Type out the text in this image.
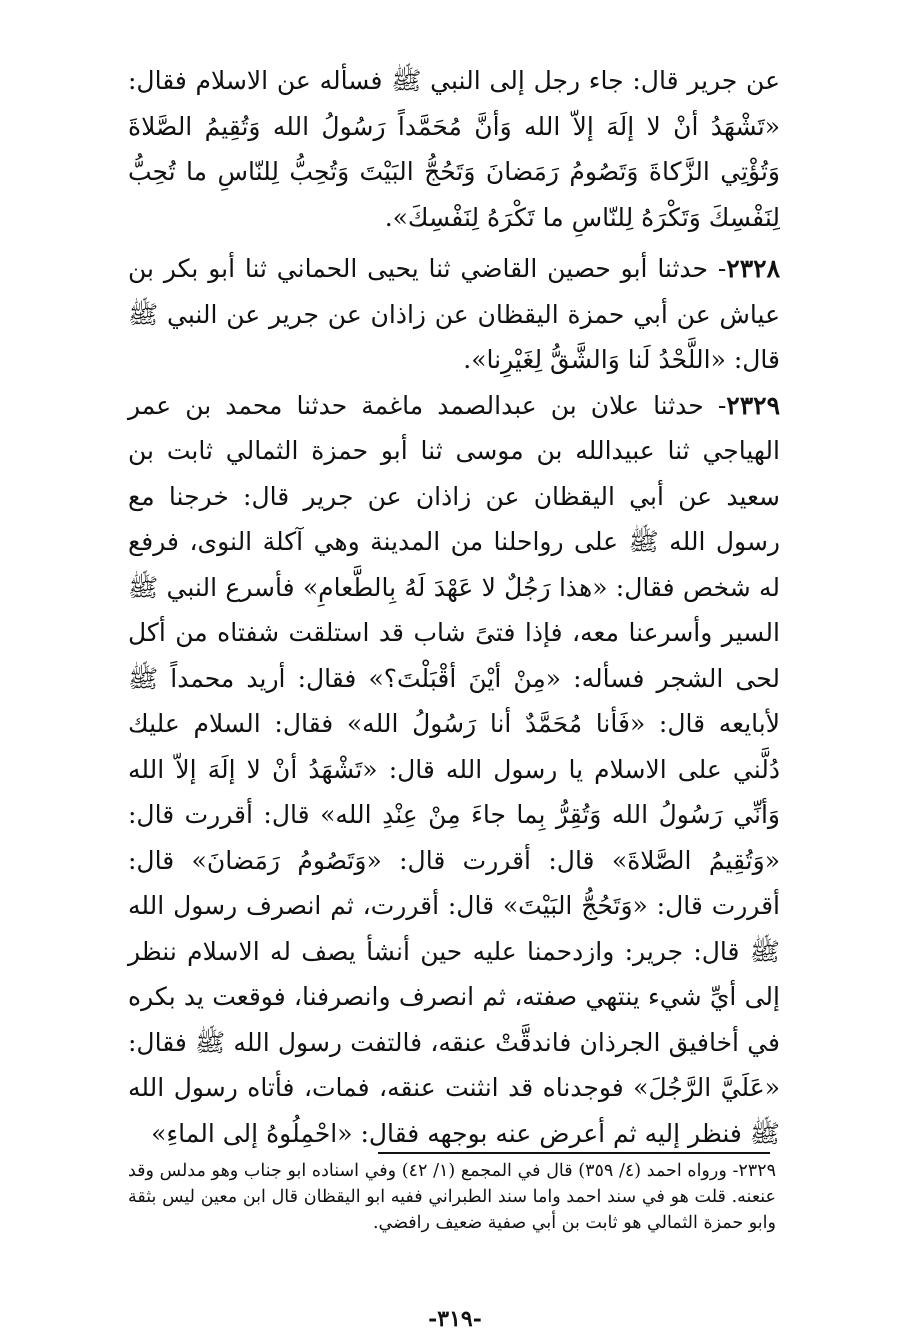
عن جرير قال: جاء رجل إلى النبي ﷺ فسأله عن الاسلام فقال: «تَشْهَدُ أنْ لا إلَهَ إلاّ الله وَأنَّ مُحَمَّداً رَسُولُ الله وَتُقِيمُ الصَّلاةَ وَتُؤْتِي الزَّكاةَ وَتَصُومُ رَمَضانَ وَتَحُجُّ البَيْتَ وَتُحِبُّ لِلنّاسِ ما تُحِبُّ لِنَفْسِكَ وَتَكْرَهُ لِلنّاسِ ما تَكْرَهُ لِنَفْسِكَ».

٢٣٢٨- حدثنا أبو حصين القاضي ثنا يحيى الحماني ثنا أبو بكر بن عياش عن أبي حمزة اليقظان عن زاذان عن جرير عن النبي ﷺ قال: «اللَّحْدُ لَنا وَالشَّقُّ لِغَيْرِنا».

٢٣٢٩- حدثنا علان بن عبدالصمد ماغمة حدثنا محمد بن عمر الهياجي ثنا عبيدالله بن موسى ثنا أبو حمزة الثمالي ثابت بن سعيد عن أبي اليقظان عن زاذان عن جرير قال: خرجنا مع رسول الله ﷺ على رواحلنا من المدينة وهي آكلة النوى، فرفع له شخص فقال: «هذا رَجُلٌ لا عَهْدَ لَهُ بِالطَّعامِ» فأسرع النبي ﷺ السير وأسرعنا معه، فإذا فتىً شاب قد استلقت شفتاه من أكل لحى الشجر فسأله: «مِنْ أيْنَ أقْبَلْتَ؟» فقال: أريد محمداً ﷺ لأبايعه قال: «فَأنا مُحَمَّدٌ أنا رَسُولُ الله» فقال: السلام عليك دُلَّني على الاسلام يا رسول الله قال: «تَشْهَدُ أنْ لا إلَهَ إلاّ الله وَأنِّي رَسُولُ الله وَتُقِرُّ بِما جاءَ مِنْ عِنْدِ الله» قال: أقررت قال: «وَتُقِيمُ الصَّلاةَ» قال: أقررت قال: «وَتَصُومُ رَمَضانَ» قال: أقررت قال: «وَتَحُجُّ البَيْتَ» قال: أقررت، ثم انصرف رسول الله ﷺ قال: جرير: وازدحمنا عليه حين أنشأ يصف له الاسلام ننظر إلى أيِّ شيء ينتهي صفته، ثم انصرف وانصرفنا، فوقعت يد بكره في أخافيق الجرذان فاندقَّتْ عنقه، فالتفت رسول الله ﷺ فقال: «عَلَيَّ الرَّجُلَ» فوجدناه قد انثنت عنقه، فمات، فأتاه رسول الله ﷺ فنظر إليه ثم أعرض عنه بوجهه فقال: «احْمِلُوهُ إلى الماءِ»

٢٣٢٩- ورواه احمد (٤/ ٣٥٩) قال في المجمع (١/ ٤٢) وفي اسناده ابو جناب وهو مدلس وقد عنعنه. قلت هو في سند احمد واما سند الطبراني ففيه ابو اليقظان قال ابن معين ليس بثقة وابو حمزة الثمالي هو ثابت بن أبي صفية ضعيف رافضي.

-٣١٩-
